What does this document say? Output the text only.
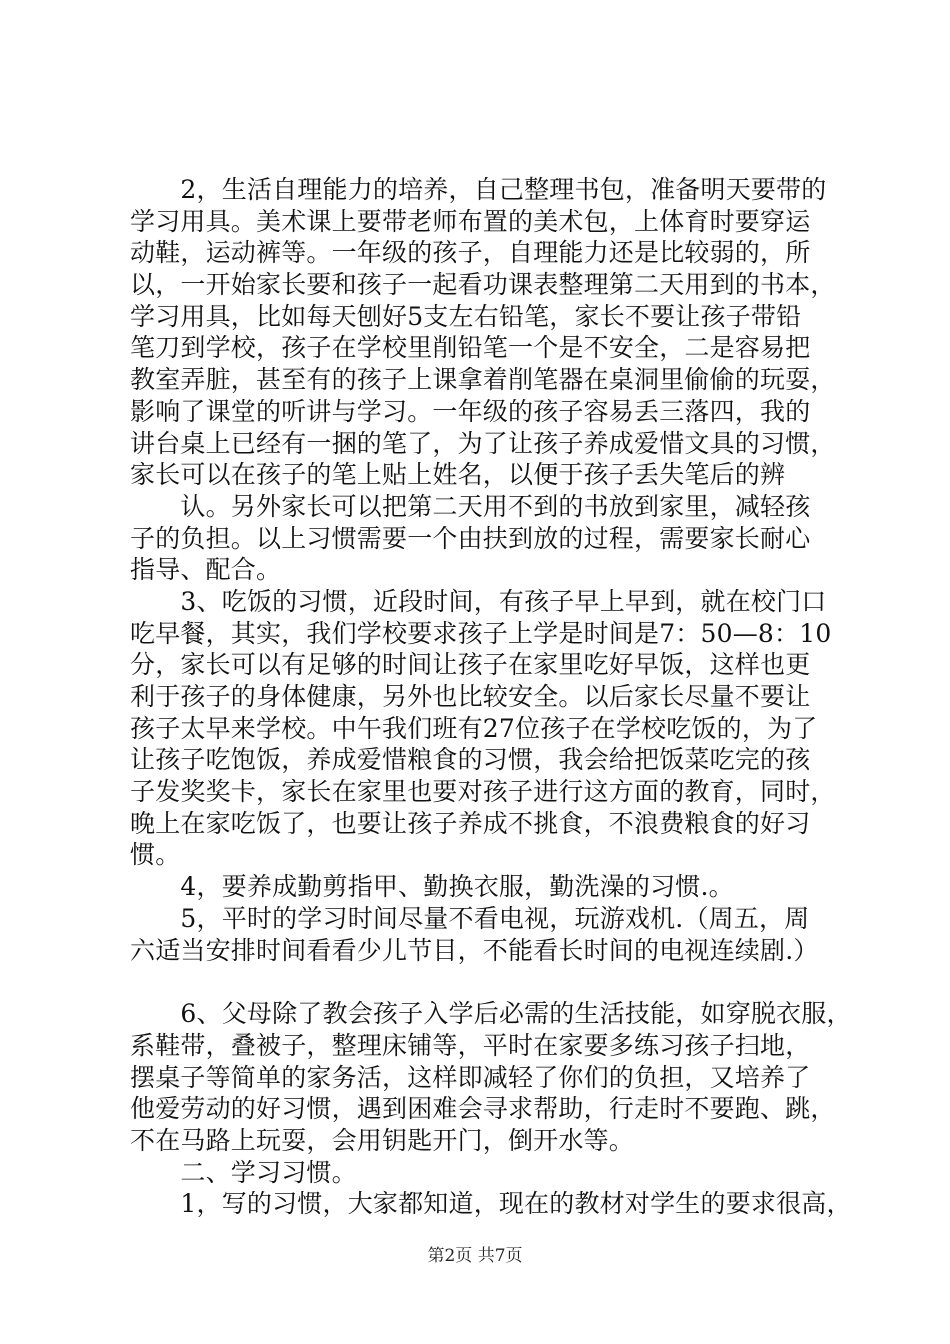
　　2，生活自理能力的培养，自己整理书包，准备明天要带的
学习用具。美术课上要带老师布置的美术包，上体育时要穿运
动鞋，运动裤等。一年级的孩子，自理能力还是比较弱的，所
以，一开始家长要和孩子一起看功课表整理第二天用到的书本，
学习用具，比如每天刨好5支左右铅笔，家长不要让孩子带铅
笔刀到学校，孩子在学校里削铅笔一个是不安全，二是容易把
教室弄脏，甚至有的孩子上课拿着削笔器在桌洞里偷偷的玩耍，
影响了课堂的听讲与学习。一年级的孩子容易丢三落四，我的
讲台桌上已经有一捆的笔了，为了让孩子养成爱惜文具的习惯，
家长可以在孩子的笔上贴上姓名，以便于孩子丢失笔后的辨
　　认。另外家长可以把第二天用不到的书放到家里，减轻孩
子的负担。以上习惯需要一个由扶到放的过程，需要家长耐心
指导、配合。
　　3、吃饭的习惯，近段时间，有孩子早上早到，就在校门口
吃早餐，其实，我们学校要求孩子上学是时间是7：50—8：10
分，家长可以有足够的时间让孩子在家里吃好早饭，这样也更
利于孩子的身体健康，另外也比较安全。以后家长尽量不要让
孩子太早来学校。中午我们班有27位孩子在学校吃饭的，为了
让孩子吃饱饭，养成爱惜粮食的习惯，我会给把饭菜吃完的孩
子发奖奖卡，家长在家里也要对孩子进行这方面的教育，同时，
晚上在家吃饭了，也要让孩子养成不挑食，不浪费粮食的好习
惯。
　　4，要养成勤剪指甲、勤换衣服，勤洗澡的习惯.。
　　5，平时的学习时间尽量不看电视，玩游戏机.（周五，周
六适当安排时间看看少儿节目，不能看长时间的电视连续剧.）
　　6、父母除了教会孩子入学后必需的生活技能，如穿脱衣服，
系鞋带，叠被子，整理床铺等，平时在家要多练习孩子扫地，
摆桌子等简单的家务活，这样即减轻了你们的负担，又培养了
他爱劳动的好习惯，遇到困难会寻求帮助，行走时不要跑、跳，
不在马路上玩耍，会用钥匙开门，倒开水等。
　　二、学习习惯。
　　1，写的习惯，大家都知道，现在的教材对学生的要求很高，
第2页 共7页
